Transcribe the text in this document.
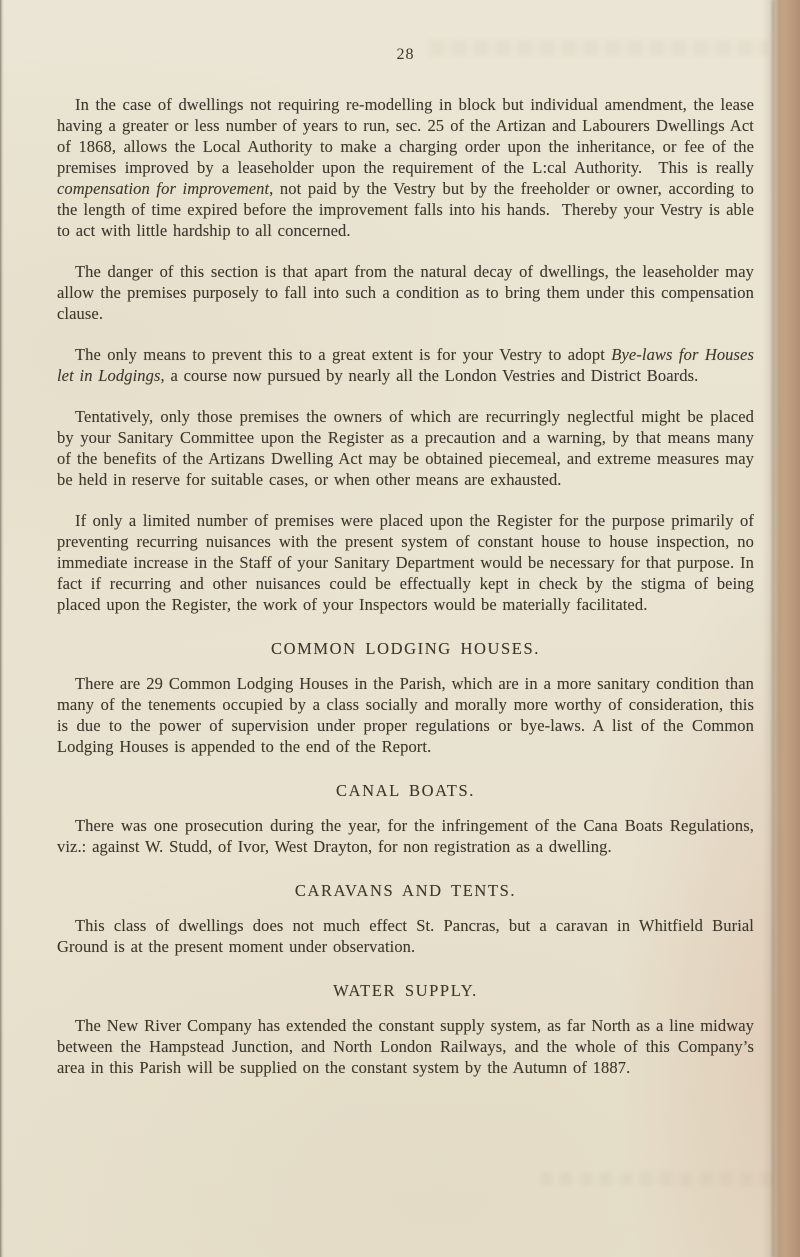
28

In the case of dwellings not requiring re-modelling in block but individual amendment, the lease having a greater or less number of years to run, sec. 25 of the Artizan and Labourers Dwellings Act of 1868, allows the Local Authority to make a charging order upon the inheritance, or fee of the premises improved by a leaseholder upon the requirement of the L:cal Authority.  This is really compensation for improvement, not paid by the Vestry but by the freeholder or owner, according to the length of time expired before the improvement falls into his hands.  Thereby your Vestry is able to act with little hardship to all concerned.

The danger of this section is that apart from the natural decay of dwellings, the leaseholder may allow the premises purposely to fall into such a condition as to bring them under this compensation clause.

The only means to prevent this to a great extent is for your Vestry to adopt Bye-laws for Houses let in Lodgings, a course now pursued by nearly all the London Vestries and District Boards.

Tentatively, only those premises the owners of which are recurringly neglectful might be placed by your Sanitary Committee upon the Register as a precaution and a warning, by that means many of the benefits of the Artizans Dwelling Act may be obtained piecemeal, and extreme measures may be held in reserve for suitable cases, or when other means are exhausted.

If only a limited number of premises were placed upon the Register for the purpose primarily of preventing recurring nuisances with the present system of constant house to house inspection, no immediate increase in the Staff of your Sanitary Department would be necessary for that purpose. In fact if recurring and other nuisances could be effectually kept in check by the stigma of being placed upon the Register, the work of your Inspectors would be materially facilitated.

COMMON LODGING HOUSES.

There are 29 Common Lodging Houses in the Parish, which are in a more sanitary condition than many of the tenements occupied by a class socially and morally more worthy of consideration, this is due to the power of supervision under proper regulations or bye-laws. A list of the Common Lodging Houses is appended to the end of the Report.

CANAL BOATS.

There was one prosecution during the year, for the infringement of the Cana Boats Regulations, viz.: against W. Studd, of Ivor, West Drayton, for non registration as a dwelling.

CARAVANS AND TENTS.

This class of dwellings does not much effect St. Pancras, but a caravan in Whitfield Burial Ground is at the present moment under observation.

WATER SUPPLY.

The New River Company has extended the constant supply system, as far North as a line midway between the Hampstead Junction, and North London Railways, and the whole of this Company’s area in this Parish will be supplied on the constant system by the Autumn of 1887.
